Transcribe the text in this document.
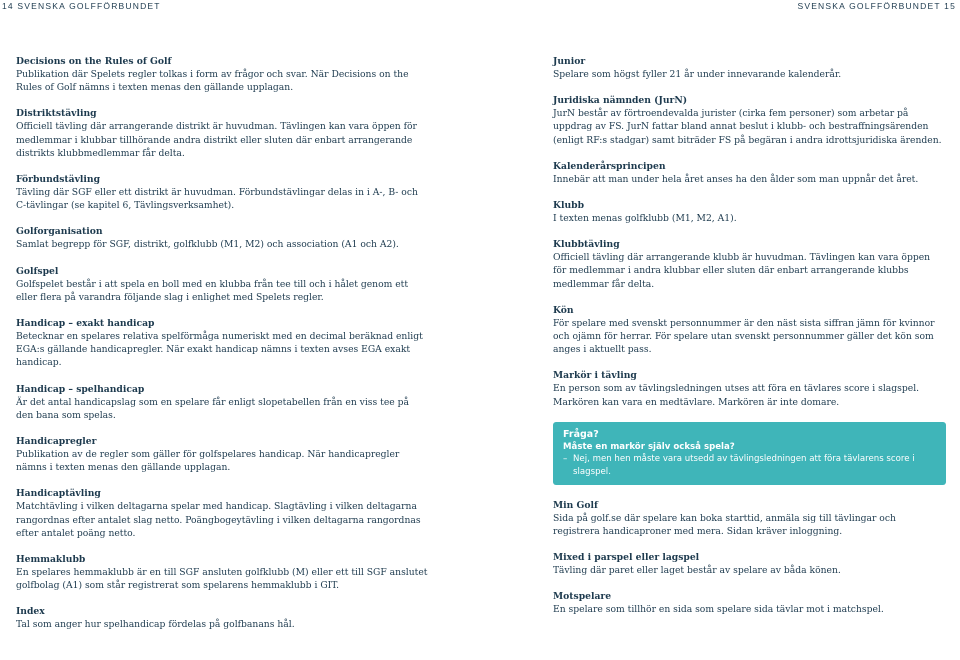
14 SVENSKA GOLFFÖRBUNDET	SVENSKA GOLFFÖRBUNDET 15
Decisions on the Rules of Golf
Publikation där Spelets regler tolkas i form av frågor och svar. När Decisions on the Rules of Golf nämns i texten menas den gällande upplagan.
Distriktstävling
Officiell tävling där arrangerande distrikt är huvudman. Tävlingen kan vara öppen för medlemmar i klubbar tillhörande andra distrikt eller sluten där enbart arrangerande distrikts klubbmedlemmar får delta.
Förbundstävling
Tävling där SGF eller ett distrikt är huvudman. Förbundstävlingar delas in i A-, B- och C-tävlingar (se kapitel 6, Tävlingsverksamhet).
Golforganisation
Samlat begrepp för SGF, distrikt, golfklubb (M1, M2) och association (A1 och A2).
Golfspel
Golfspelet består i att spela en boll med en klubba från tee till och i hålet genom ett eller flera på varandra följande slag i enlighet med Spelets regler.
Handicap – exakt handicap
Betecknar en spelares relativa spelförmåga numeriskt med en decimal beräknad enligt EGA:s gällande handicapregler. När exakt handicap nämns i texten avses EGA exakt handicap.
Handicap – spelhandicap
Är det antal handicapslag som en spelare får enligt slopetabellen från en viss tee på den bana som spelas.
Handicapregler
Publikation av de regler som gäller för golfspelares handicap. När handicapregler nämns i texten menas den gällande upplagan.
Handicaptävling
Matchtävling i vilken deltagarna spelar med handicap. Slagtävling i vilken deltagarna rangordnas efter antalet slag netto. Poängbogeytävling i vilken deltagarna rangordnas efter antalet poäng netto.
Hemmaklubb
En spelares hemmaklubb är en till SGF ansluten golfklubb (M) eller ett till SGF anslutet golfbolag (A1) som står registrerat som spelarens hemmaklubb i GIT.
Index
Tal som anger hur spelhandicap fördelas på golfbanans hål.
Junior
Spelare som högst fyller 21 år under innevarande kalenderår.
Juridiska nämnden (JurN)
JurN består av förtroendevalda jurister (cirka fem personer) som arbetar på uppdrag av FS. JurN fattar bland annat beslut i klubb- och bestraffningsärenden (enligt RF:s stadgar) samt biträder FS på begäran i andra idrottsjuridiska ärenden.
Kalenderårsprincipen
Innebär att man under hela året anses ha den ålder som man uppnår det året.
Klubb
I texten menas golfklubb (M1, M2, A1).
Klubbtävling
Officiell tävling där arrangerande klubb är huvudman. Tävlingen kan vara öppen för medlemmar i andra klubbar eller sluten där enbart arrangerande klubbs medlemmar får delta.
Kön
För spelare med svenskt personnummer är den näst sista siffran jämn för kvinnor och ojämn för herrar. För spelare utan svenskt personnummer gäller det kön som anges i aktuellt pass.
Markör i tävling
En person som av tävlingsledningen utses att föra en tävlares score i slagspel. Markören kan vara en medtävlare. Markören är inte domare.
Fråga?
Måste en markör själv också spela?
– Nej, men hen måste vara utsedd av tävlingsledningen att föra tävlarens score i slagspel.
Min Golf
Sida på golf.se där spelare kan boka starttid, anmäla sig till tävlingar och registrera handicaproner med mera. Sidan kräver inloggning.
Mixed i parspel eller lagspel
Tävling där paret eller laget består av spelare av båda könen.
Motspelare
En spelare som tillhör en sida som spelare sida tävlar mot i matchspel.
